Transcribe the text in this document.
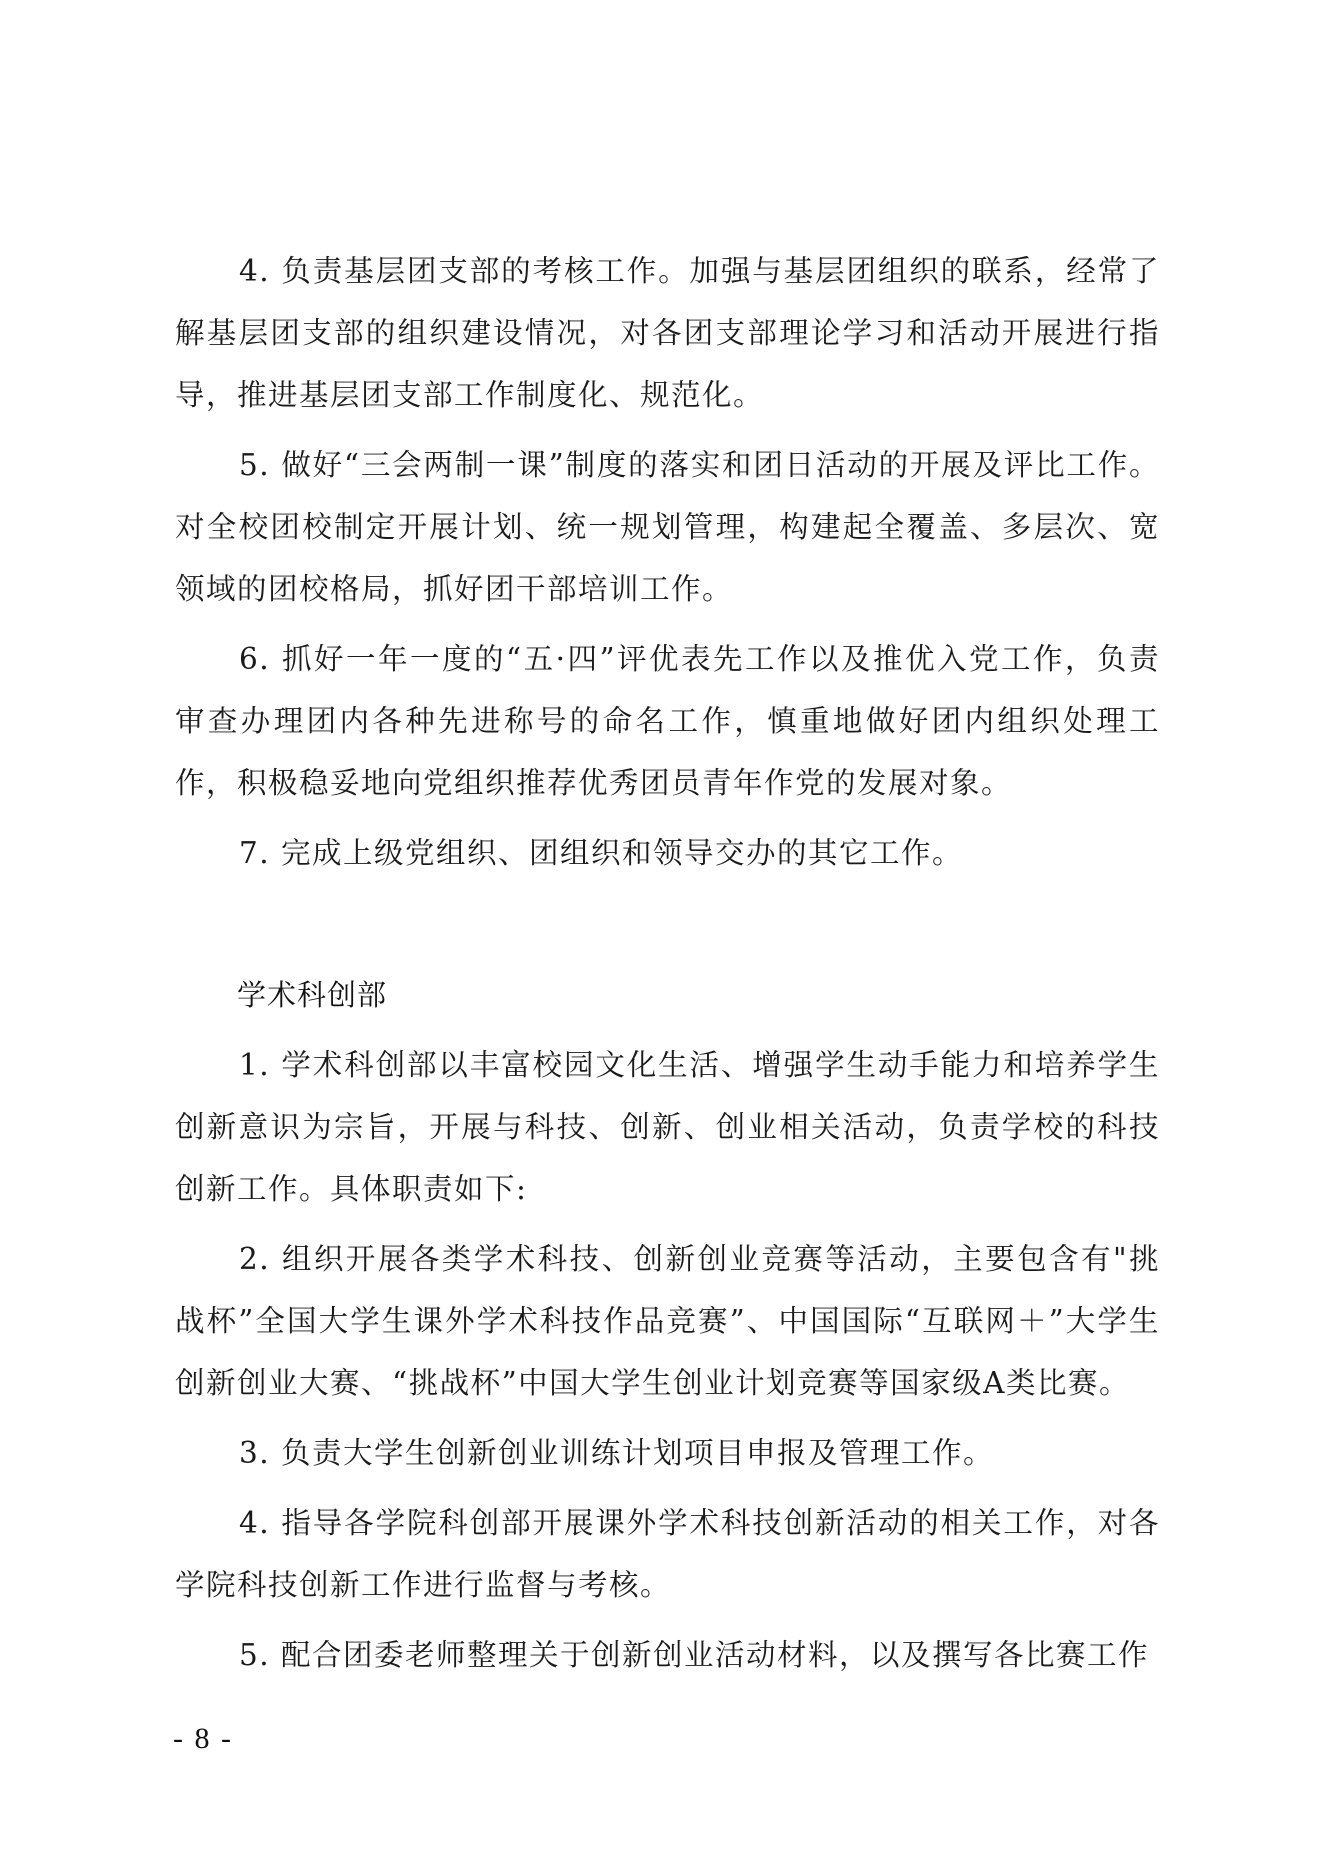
4. 负责基层团支部的考核工作。加强与基层团组织的联系，经常了解基层团支部的组织建设情况，对各团支部理论学习和活动开展进行指导，推进基层团支部工作制度化、规范化。

5. 做好“三会两制一课”制度的落实和团日活动的开展及评比工作。对全校团校制定开展计划、统一规划管理，构建起全覆盖、多层次、宽领域的团校格局，抓好团干部培训工作。

6. 抓好一年一度的“五·四”评优表先工作以及推优入党工作，负责审查办理团内各种先进称号的命名工作，慎重地做好团内组织处理工作，积极稳妥地向党组织推荐优秀团员青年作党的发展对象。

7. 完成上级党组织、团组织和领导交办的其它工作。

学术科创部

1. 学术科创部以丰富校园文化生活、增强学生动手能力和培养学生创新意识为宗旨，开展与科技、创新、创业相关活动，负责学校的科技创新工作。具体职责如下:

2. 组织开展各类学术科技、创新创业竞赛等活动，主要包含有"挑战杯”全国大学生课外学术科技作品竞赛”、中国国际“互联网＋”大学生创新创业大赛、“挑战杯”中国大学生创业计划竞赛等国家级A类比赛。

3. 负责大学生创新创业训练计划项目申报及管理工作。

4. 指导各学院科创部开展课外学术科技创新活动的相关工作，对各学院科技创新工作进行监督与考核。

5. 配合团委老师整理关于创新创业活动材料，以及撰写各比赛工作

- 8 -
